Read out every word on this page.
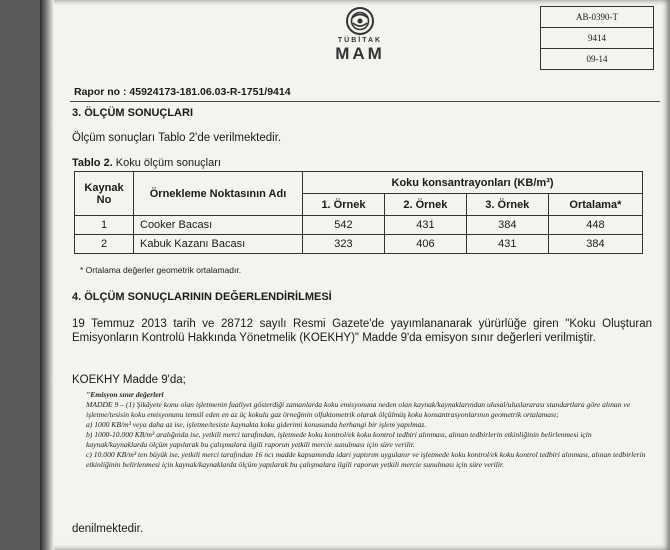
TÜBİTAK
MAM
AB-0390-T
9414
09-14
Rapor no : 45924173-181.06.03-R-1751/9414
3. ÖLÇÜM SONUÇLARI
Ölçüm sonuçları Tablo 2'de verilmektedir.
Tablo 2. Koku ölçüm sonuçları
Kaynak No	Örnekleme Noktasının Adı	Koku konsantrayonları (KB/m³)			
		1. Örnek	2. Örnek	3. Örnek	Ortalama*
1	Cooker Bacası	542	431	384	448
2	Kabuk Kazanı Bacası	323	406	431	384
* Ortalama değerler geometrik ortalamadır.
4. ÖLÇÜM SONUÇLARININ DEĞERLENDİRİLMESİ
19 Temmuz 2013 tarih ve 28712 sayılı Resmi Gazete'de yayımlananarak yürürlüğe giren "Koku Oluşturan Emisyonların Kontrolü Hakkında Yönetmelik (KOEKHY)" Madde 9'da emisyon sınır değerleri verilmiştir.
KOEKHY Madde 9'da;

"Emisyon sınır değerleri

MADDE 9 – (1) Şikâyete konu olan işletmenin faaliyet gösterdiği zamanlarda koku emisyonuna neden olan kaynak/kaynaklarından ulusal/uluslararası standartlara göre alınan ve işletme/tesisin koku emisyonunu temsil eden en az üç kokulu gaz örneğinin olfaktometrik olarak ölçülmüş koku konsantrasyonlarının geometrik ortalaması;

a) 1000 KB/m³ veya daha az ise, işletme/tesiste kaynakta koku giderimi konusunda herhangi bir işlem yapılmaz.

b) 1000-10.000 KB/m³ aralığında ise, yetkili merci tarafından, işletmede koku kontrol/ek koku kontrol tedbiri alınması, alınan tedbirlerin etkinliğinin belirlenmesi için kaynak/kaynaklarda ölçüm yapılarak bu çalışmalara ilgili raporun yetkili mercie sunulması için süre verilir.

c) 10.000 KB/m³ ten büyük ise, yetkili merci tarafından 16 ncı madde kapsamında idari yaptırım uygulanır ve işletmede koku kontrol/ek koku kontrol tedbiri alınması, alınan tedbirlerin etkinliğinin belirlenmesi için kaynak/kaynaklarda ölçüm yapılarak bu çalışmalara ilgili raporun yetkili mercie sunulması için süre verilir.

denilmektedir.
